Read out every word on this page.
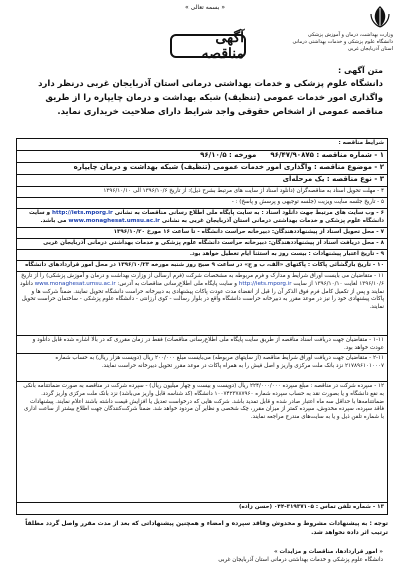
« بسمه تعالی »
وزارت بهداشت، درمان و آموزش پزشکی
دانشگاه علوم پزشکی و خدمات بهداشتی درمانی
استان آذربایجان غربی
آگهی مناقصه
متن آگهی :
دانشگاه علوم پزشکی و خدمات بهداشتی درمانی استان آذربایجان غربی درنظر دارد واگذاری امور خدمات عمومی (تنظیف) شبکه بهداشت و درمان چایپاره را از طریق مناقصه عمومی از اشخاص حقوقی واجد شرایط دارای صلاحیت خریداری نماید.
شرایط مناقصه :
۱ - شماره مناقصه : ۹۶/۴۷/۹۰۸۷۵مورخه : ۹۶/۱۰/۵
۲ - موضوع مناقصه : واگذاری امور خدمات عمومی (تنظیف) شبکه بهداشت و درمان چایپاره
۳ - نوع مناقصه : یک مرحله‌ای
۴ - مهلت تحویل اسناد به مناقصه‌گران (دانلود اسناد از سایت های مرتبط بشرح ذیل): از تاریخ ۱۳۹۶/۱۰/۶ الی ۱۳۹۶/۱۰/۱۰
۵ - تاریخ جلسه سایت ویزیت (جلسه توجیهی و پرسش و پاسخ) : -
۶ - وب سایت های مرتبط جهت دانلود اسناد : به سایت پایگاه ملی اطلاع رسانی مناقصات به نشانی http://iets.mporg.ir و سایت دانشگاه علوم پزشکی و خدمات بهداشتی درمانی استان آذربایجان غربی به نشانی www.monaghesat.umsu.ac.ir می باشد.
۷ - محل تحویل اسناد از پیشنهاددهندگان: دبیرخانه حراست دانشگاه - تا ساعت ۱۶ مورخ ۱۳۹۶/۱۰/۲۰
۸ - محل دریافت اسناد از پیشنهاددهندگان: دبیرخانه حراست دانشگاه علوم پزشکی و خدمات بهداشتی درمانی آذربایجان غربی
۹ - تاریخ اعتبار پیشنهادات : بیست روز به استثنا ایام تعطیل خواهد بود.
۱۰ - تاریخ بازگشائی پاکات : پاکتهای «الف، ب و ج» در ساعت ۹ صبح روز شنبه مورخه ۱۳۹۶/۱۰/۲۳ در محل امور قراردادهای دانشگاه
۱۱ - متقاضیان می بایست اوراق شرایط و مدارک و فرم مربوطه به مشخصات شرکت (فرم ارسالی از وزارت بهداشت و درمان و آموزش پزشکی) را از تاریخ ۱۳۹۶/۱۰/۶ لغایت ۱۳۹۶/۱۰/۱۰ از سایت http://iets.mporg.ir و سایت پایگاه ملی اطلاع‌رسانی مناقصات به آدرس: www.monaghesat.umsu.ac.ir دانلود نمایند و پس از تکمیل کامل فرم فوق الذکر آن را قبل از انقضاء مدت عودت پاکات پیشنهادی به دبیرخانه حراست دانشگاه تحویل نمایند. ضمناً شرکت ها و پاکات پیشنهادی خود را نیز در موعد مقرر به دبیرخانه حراست دانشگاه واقع در بلوار رسالت - کوی ارزانتی - دانشگاه علوم پزشکی - ساختمان حراست تحویل نمایند.
۱-۱۱ - متقاضیان جهت دریافت اسناد مناقصه از طریق سایت پایگاه ملی اطلاع‌رسانی مناقصات) فقط در زمان مقرری که در بالا اشاره شده قابل دانلود و عودت خواهد بود.
۲-۱۱ - متقاضیان جهت دریافت اوراق شرایط مناقصه (از سایتهای مربوطه) می‌بایست مبلغ ۲۰۰/۰۰۰ ریال (دویست هزار ریال) به حساب شماره ۲۱۷۸۹۶۱۰۱۰۰۰۷ نزد بانک ملت مرکزی واریز و اصل فیش را به همراه پاکات در موعد مقرر تحویل دبیرخانه حراست نمایند.
۱۲ - سپرده شرکت در مناقصه : مبلغ سپرده ۲۲۴/۰۰۰/۰۰۰ ریال (دویست و بیست و چهار میلیون ریال) - سپرده شرکت در مناقصه به صورت ضمانتنامه بانکی به نفع دانشگاه و یا بصورت نقد به حساب سپرده شماره ۱۰۰۷۴۲۳۷۸۷۹۶۰ دانشگاه (کد شناسه قابل واریز می‌باشد) نزد بانک ملت مرکزی واریز گردد. ضمانتنامه‌ها با حداقل سه ماه اعتبار صادر شده و قابل تمدید باشد. شرکت هایی که درخواست تعدیل یا افزایش قیمت داشته باشند اعلام نمایند. پیشنهادات فاقد سپرده، سپرده مخدوش، سپرده کمتر از میزان مقرر، چک شخصی و نظایر آن مردود خواهد شد. ضمناً شرکت‌کنندگان جهت اطلاع بیشتر از ساعت اداری با شماره تلفن ذیل و یا به سایت‌های مندرج مراجعه نمایند.
۱۳ - شماره تلفن تماس : ۳۱۹۳۷۱۰۵-۰۴۴ (حسن زاده)
توجه : به پیشنهادات مشروط و مخدوش وفاقد سپرده و امضاء و همچنین پیشنهاداتی که بعد از مدت مقرر واصل گردد مطلقاً ترتیب اثر داده نخواهد شد.
« امور قراردادها، مناقصات و مزایدات »
دانشگاه علوم پزشکی و خدمات بهداشتی درمانی استان آذربایجان غربی
